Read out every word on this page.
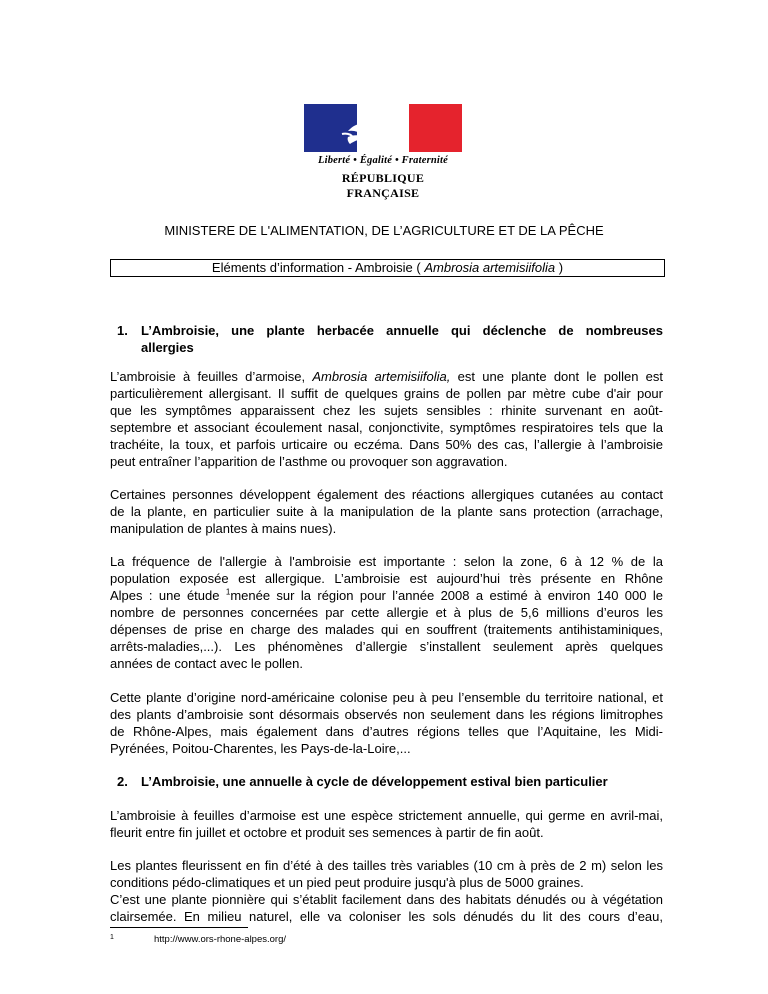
Liberté • Égalité • Fraternité
RÉPUBLIQUE FRANÇAISE
MINISTERE DE L'ALIMENTATION, DE L’AGRICULTURE ET DE LA PÊCHE
Eléments d’information - Ambroisie ( Ambrosia artemisiifolia )
1. L’Ambroisie, une plante herbacée annuelle qui déclenche de nombreuses
allergies
L’ambroisie à feuilles d’armoise, Ambrosia artemisiifolia, est une plante dont le pollen est
particulièrement allergisant. Il suffit de quelques grains de pollen par mètre cube d'air pour
que les symptômes apparaissent chez les sujets sensibles : rhinite survenant en août-
septembre et associant écoulement nasal, conjonctivite, symptômes respiratoires tels que la
trachéite, la toux, et parfois urticaire ou eczéma. Dans 50% des cas, l’allergie à l’ambroisie
peut entraîner l’apparition de l’asthme ou provoquer son aggravation.
Certaines personnes développent également des réactions allergiques cutanées au contact
de la plante, en particulier suite à la manipulation de la plante sans protection (arrachage,
manipulation de plantes à mains nues).
La fréquence de l'allergie à l'ambroisie est importante : selon la zone, 6 à 12 % de la
population exposée est allergique. L’ambroisie est aujourd’hui très présente en Rhône
Alpes : une étude $^1$menée sur la région pour l’année 2008 a estimé à environ 140 000 le
nombre de personnes concernées par cette allergie et à plus de 5,6 millions d’euros les
dépenses de prise en charge des malades qui en souffrent (traitements antihistaminiques,
arrêts-maladies,...). Les phénomènes d’allergie s’installent seulement après quelques
années de contact avec le pollen.
Cette plante d’origine nord-américaine colonise peu à peu l’ensemble du territoire national, et
des plants d’ambroisie sont désormais observés non seulement dans les régions limitrophes
de Rhône-Alpes, mais également dans d’autres régions telles que l’Aquitaine, les Midi-
Pyrénées, Poitou-Charentes, les Pays-de-la-Loire,...
2. L’Ambroisie, une annuelle à cycle de développement estival bien particulier
L’ambroisie à feuilles d’armoise est une espèce strictement annuelle, qui germe en avril-mai,
fleurit entre fin juillet et octobre et produit ses semences à partir de fin août.
Les plantes fleurissent en fin d’été à des tailles très variables (10 cm à près de 2 m) selon les
conditions pédo-climatiques et un pied peut produire jusqu'à plus de 5000 graines.
C’est une plante pionnière qui s’établit facilement dans des habitats dénudés ou à végétation
clairsemée. En milieu naturel, elle va coloniser les sols dénudés du lit des cours d’eau,
1	http://www.ors-rhone-alpes.org/
